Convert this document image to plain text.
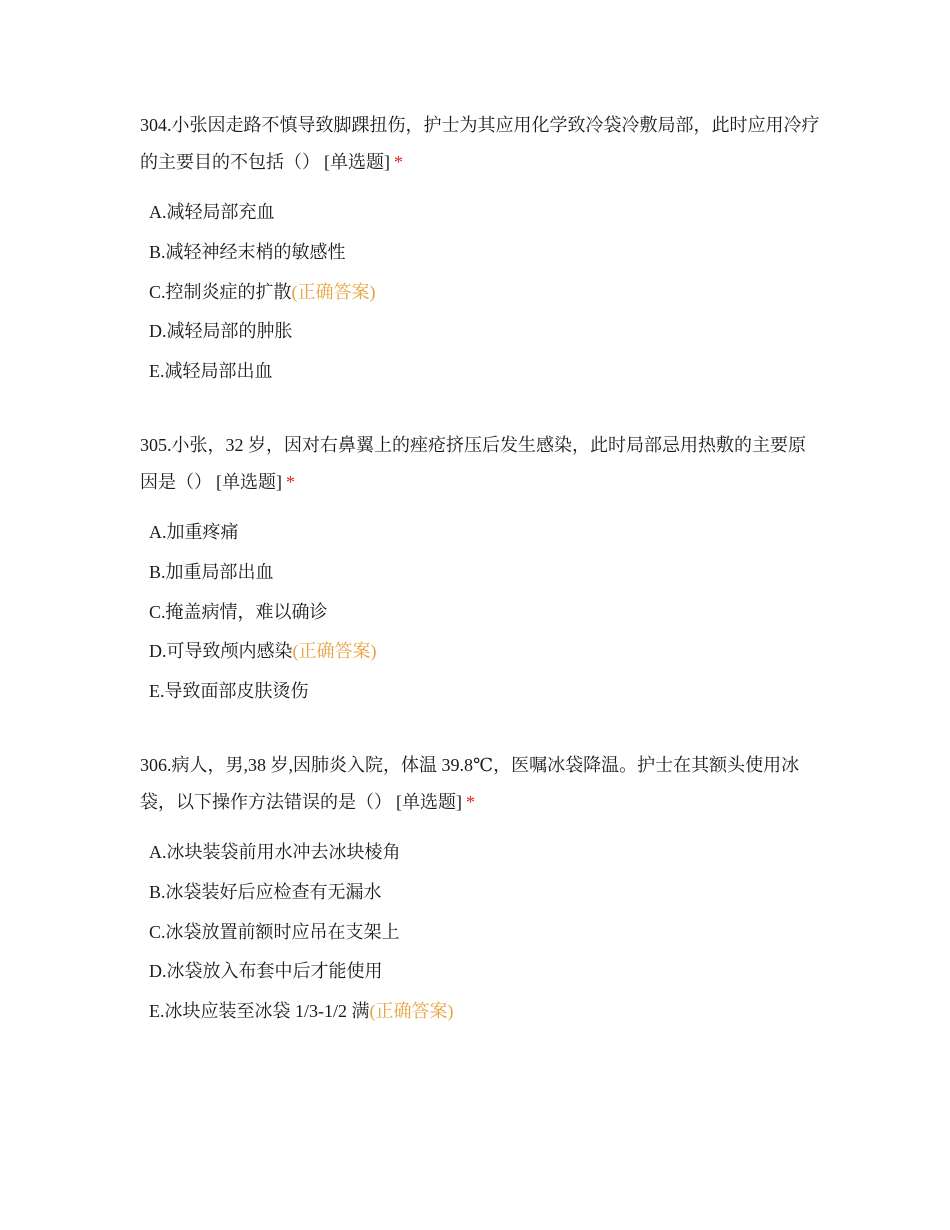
304.小张因走路不慎导致脚踝扭伤，护士为其应用化学致冷袋冷敷局部，此时应用冷疗的主要目的不包括（） [单选题] *

A.减轻局部充血
B.减轻神经末梢的敏感性
C.控制炎症的扩散(正确答案)
D.减轻局部的肿胀
E.减轻局部出血

305.小张，32 岁，因对右鼻翼上的痤疮挤压后发生感染，此时局部忌用热敷的主要原因是（） [单选题] *

A.加重疼痛
B.加重局部出血
C.掩盖病情，难以确诊
D.可导致颅内感染(正确答案)
E.导致面部皮肤烫伤

306.病人，男,38 岁,因肺炎入院，体温 39.8℃，医嘱冰袋降温。护士在其额头使用冰袋，以下操作方法错误的是（） [单选题] *

A.冰块装袋前用水冲去冰块棱角
B.冰袋装好后应检查有无漏水
C.冰袋放置前额时应吊在支架上
D.冰袋放入布套中后才能使用
E.冰块应装至冰袋 1/3-1/2 满(正确答案)
